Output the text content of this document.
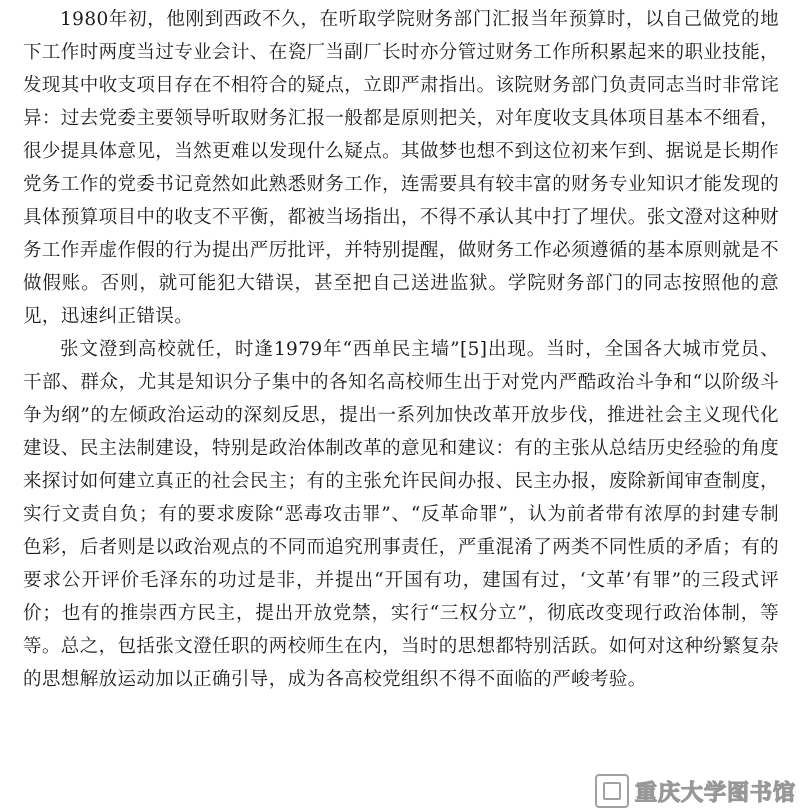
1980年初，他刚到西政不久，在听取学院财务部门汇报当年预算时，以自己做党的地下工作时两度当过专业会计、在瓷厂当副厂长时亦分管过财务工作所积累起来的职业技能，发现其中收支项目存在不相符合的疑点，立即严肃指出。该院财务部门负责同志当时非常诧异：过去党委主要领导听取财务汇报一般都是原则把关，对年度收支具体项目基本不细看，很少提具体意见，当然更难以发现什么疑点。其做梦也想不到这位初来乍到、据说是长期作党务工作的党委书记竟然如此熟悉财务工作，连需要具有较丰富的财务专业知识才能发现的具体预算项目中的收支不平衡，都被当场指出，不得不承认其中打了埋伏。张文澄对这种财务工作弄虚作假的行为提出严厉批评，并特别提醒，做财务工作必须遵循的基本原则就是不做假账。否则，就可能犯大错误，甚至把自己送进监狱。学院财务部门的同志按照他的意见，迅速纠正错误。

张文澄到高校就任，时逢1979年“西单民主墙”[5]出现。当时，全国各大城市党员、干部、群众，尤其是知识分子集中的各知名高校师生出于对党内严酷政治斗争和“以阶级斗争为纲”的左倾政治运动的深刻反思，提出一系列加快改革开放步伐，推进社会主义现代化建设、民主法制建设，特别是政治体制改革的意见和建议：有的主张从总结历史经验的角度来探讨如何建立真正的社会民主；有的主张允许民间办报、民主办报，废除新闻审查制度，实行文责自负；有的要求废除“恶毒攻击罪”、“反革命罪”，认为前者带有浓厚的封建专制色彩，后者则是以政治观点的不同而追究刑事责任，严重混淆了两类不同性质的矛盾；有的要求公开评价毛泽东的功过是非，并提出“开国有功，建国有过，‘文革’有罪”的三段式评价；也有的推崇西方民主，提出开放党禁，实行“三权分立”，彻底改变现行政治体制，等等。总之，包括张文澄任职的两校师生在内，当时的思想都特别活跃。如何对这种纷繁复杂的思想解放运动加以正确引导，成为各高校党组织不得不面临的严峻考验。

重庆大学图书馆
